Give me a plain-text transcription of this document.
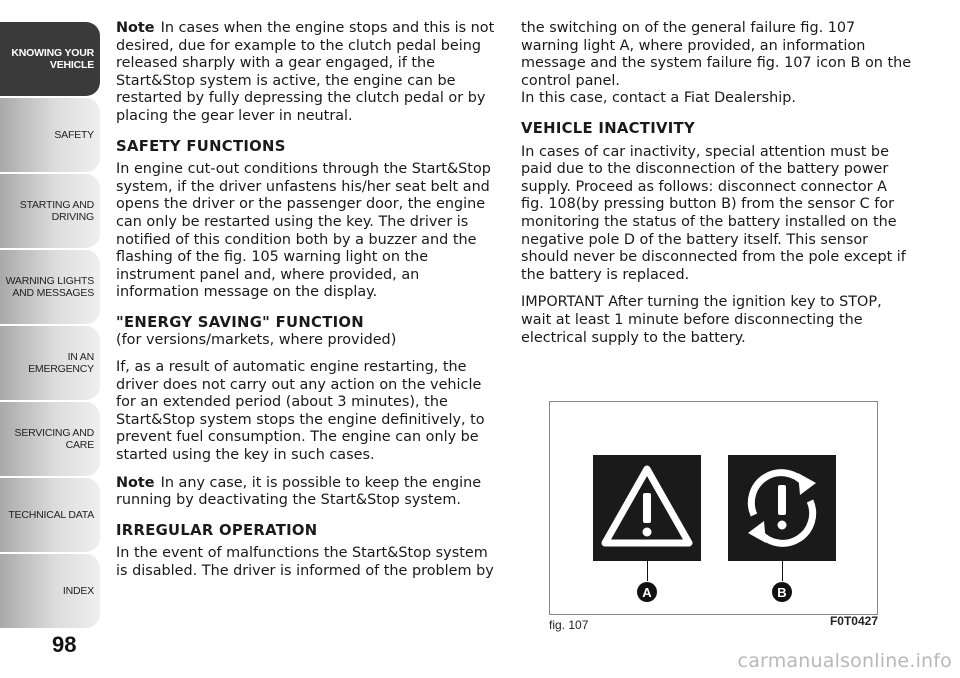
KNOWING YOUR
VEHICLE
SAFETY
STARTING AND
DRIVING
WARNING LIGHTS
AND MESSAGES
IN AN EMERGENCY
SERVICING AND
CARE
TECHNICAL DATA
INDEX
98

Note In cases when the engine stops and this is not desired, due for example to the clutch pedal being released sharply with a gear engaged, if the Start&Stop system is active, the engine can be restarted by fully depressing the clutch pedal or by placing the gear lever in neutral.

SAFETY FUNCTIONS

In engine cut-out conditions through the Start&Stop system, if the driver unfastens his/her seat belt and opens the driver or the passenger door, the engine can only be restarted using the key. The driver is notified of this condition both by a buzzer and the flashing of the fig. 105 warning light on the instrument panel and, where provided, an information message on the display.

"ENERGY SAVING" FUNCTION

(for versions/markets, where provided)

If, as a result of automatic engine restarting, the driver does not carry out any action on the vehicle for an extended period (about 3 minutes), the Start&Stop system stops the engine definitively, to prevent fuel consumption. The engine can only be started using the key in such cases.

Note In any case, it is possible to keep the engine running by deactivating the Start&Stop system.

IRREGULAR OPERATION

In the event of malfunctions the Start&Stop system is disabled. The driver is informed of the problem by

the switching on of the general failure fig. 107 warning light A, where provided, an information message and the system failure fig. 107 icon B on the control panel.

In this case, contact a Fiat Dealership.

VEHICLE INACTIVITY

In cases of car inactivity, special attention must be paid due to the disconnection of the battery power supply. Proceed as follows: disconnect connector A fig. 108(by pressing button B) from the sensor C for monitoring the status of the battery installed on the negative pole D of the battery itself. This sensor should never be disconnected from the pole except if the battery is replaced.

IMPORTANT After turning the ignition key to STOP, wait at least 1 minute before disconnecting the electrical supply to the battery.

A	B
fig. 107	F0T0427
carmanualsonline.info
